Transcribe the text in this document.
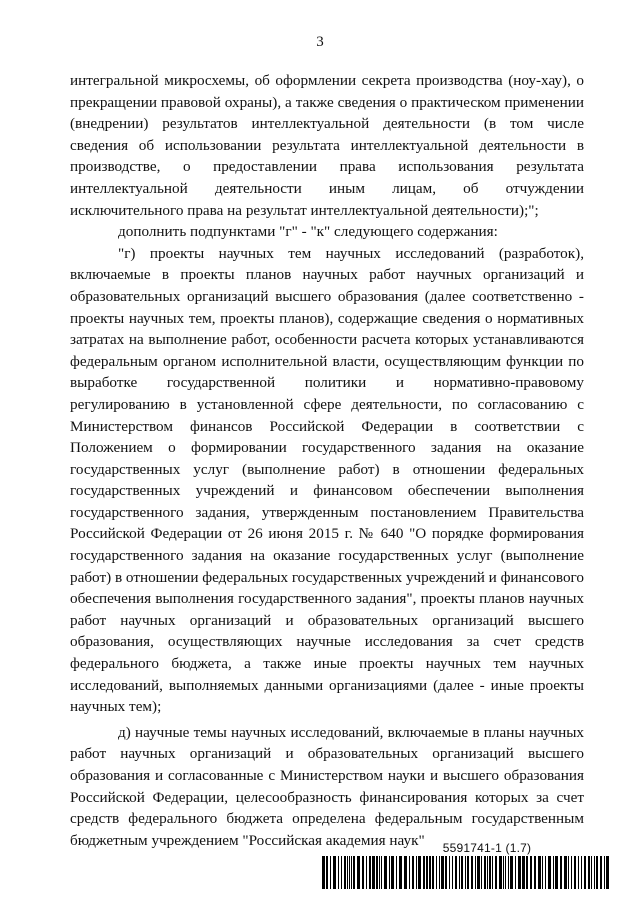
3

интегральной микросхемы, об оформлении секрета производства (ноу-хау), о прекращении правовой охраны), а также сведения о практическом применении (внедрении) результатов интеллектуальной деятельности (в том числе сведения об использовании результата интеллектуальной деятельности в производстве, о предоставлении права использования результата интеллектуальной деятельности иным лицам, об отчуждении исключительного права на результат интеллектуальной деятельности);";

дополнить подпунктами "г" - "к" следующего содержания:

"г) проекты научных тем научных исследований (разработок), включаемые в проекты планов научных работ научных организаций и образовательных организаций высшего образования (далее соответственно - проекты научных тем, проекты планов), содержащие сведения о нормативных затратах на выполнение работ, особенности расчета которых устанавливаются федеральным органом исполнительной власти, осуществляющим функции по выработке государственной политики и нормативно-правовому регулированию в установленной сфере деятельности, по согласованию с Министерством финансов Российской Федерации в соответствии с Положением о формировании государственного задания на оказание государственных услуг (выполнение работ) в отношении федеральных государственных учреждений и финансовом обеспечении выполнения государственного задания, утвержденным постановлением Правительства Российской Федерации от 26 июня 2015 г. № 640 "О порядке формирования государственного задания на оказание государственных услуг (выполнение работ) в отношении федеральных государственных учреждений и финансового обеспечения выполнения государственного задания", проекты планов научных работ научных организаций и образовательных организаций высшего образования, осуществляющих научные исследования за счет средств федерального бюджета, а также иные проекты научных тем научных исследований, выполняемых данными организациями (далее - иные проекты научных тем);

д) научные темы научных исследований, включаемые в планы научных работ научных организаций и образовательных организаций высшего образования и согласованные с Министерством науки и высшего образования Российской Федерации, целесообразность финансирования которых за счет средств федерального бюджета определена федеральным государственным бюджетным учреждением "Российская академия наук"	5591741-1 (1.7)
